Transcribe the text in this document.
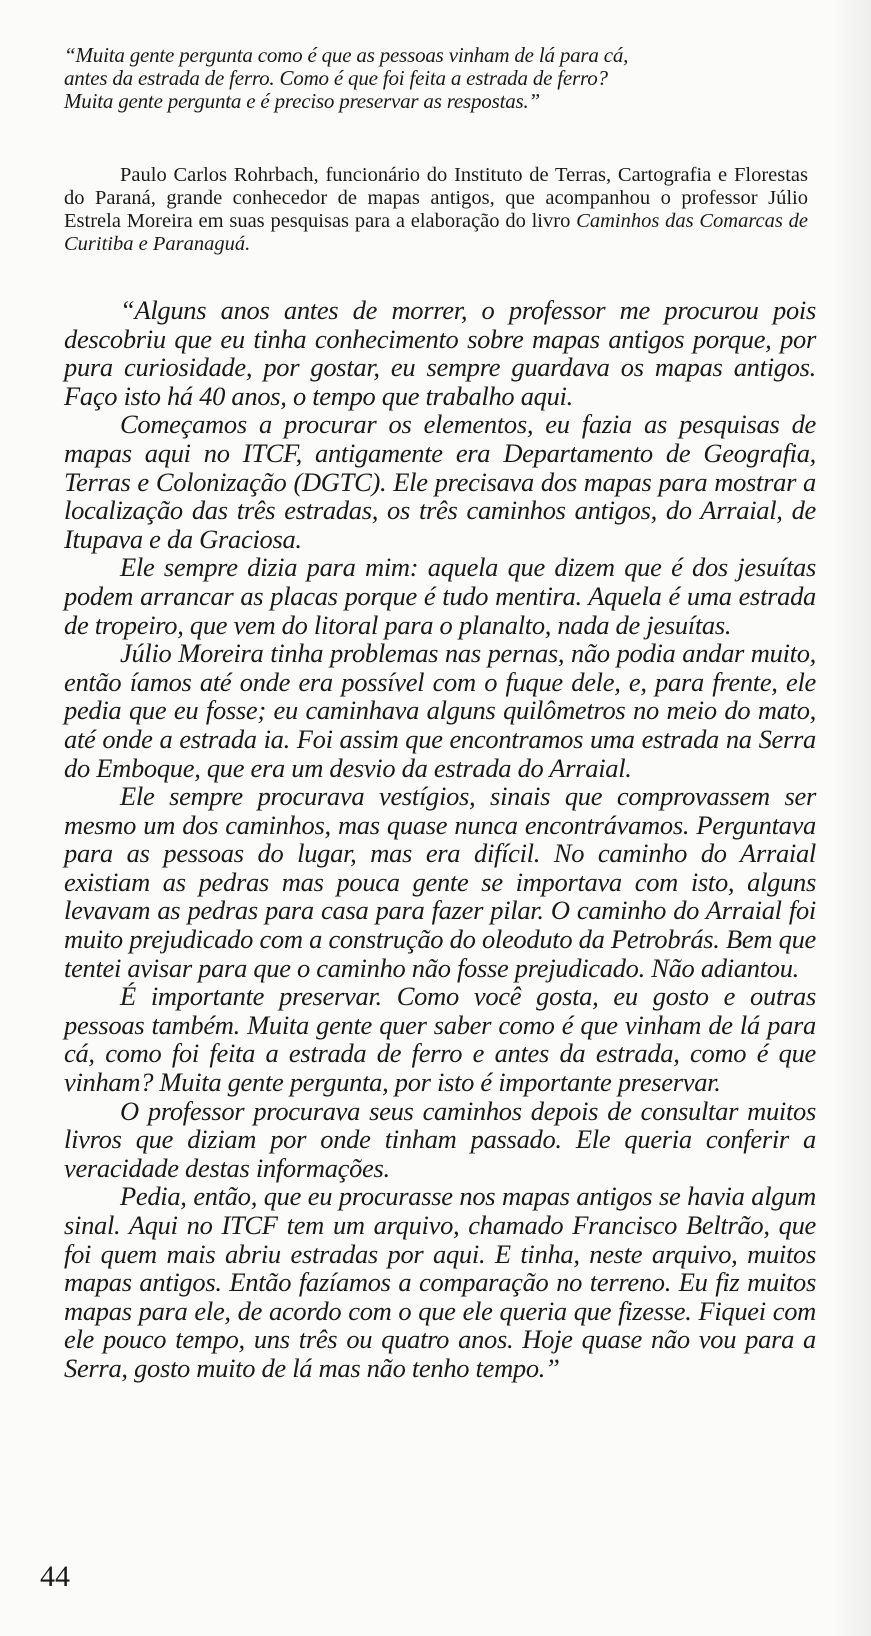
“Muita gente pergunta como é que as pessoas vinham de lá para cá, antes da estrada de ferro. Como é que foi feita a estrada de ferro? Muita gente pergunta e é preciso preservar as respostas.”

Paulo Carlos Rohrbach, funcionário do Instituto de Terras, Cartografia e Florestas do Paraná, grande conhecedor de mapas antigos, que acompanhou o professor Júlio Estrela Moreira em suas pesquisas para a elaboração do livro Caminhos das Comarcas de Curitiba e Paranaguá.

“Alguns anos antes de morrer, o professor me procurou pois descobriu que eu tinha conhecimento sobre mapas antigos porque, por pura curiosidade, por gostar, eu sempre guardava os mapas antigos. Faço isto há 40 anos, o tempo que trabalho aqui.

Começamos a procurar os elementos, eu fazia as pesquisas de mapas aqui no ITCF, antigamente era Departamento de Geografia, Terras e Colonização (DGTC). Ele precisava dos mapas para mostrar a localização das três estradas, os três caminhos antigos, do Arraial, de Itupava e da Graciosa.

Ele sempre dizia para mim: aquela que dizem que é dos jesuítas podem arrancar as placas porque é tudo mentira. Aquela é uma estrada de tropeiro, que vem do litoral para o planalto, nada de jesuítas.

Júlio Moreira tinha problemas nas pernas, não podia andar muito, então íamos até onde era possível com o fuque dele, e, para frente, ele pedia que eu fosse; eu caminhava alguns quilômetros no meio do mato, até onde a estrada ia. Foi assim que encontramos uma estrada na Serra do Emboque, que era um desvio da estrada do Arraial.

Ele sempre procurava vestígios, sinais que comprovassem ser mesmo um dos caminhos, mas quase nunca encontrávamos. Perguntava para as pessoas do lugar, mas era difícil. No caminho do Arraial existiam as pedras mas pouca gente se importava com isto, alguns levavam as pedras para casa para fazer pilar. O caminho do Arraial foi muito prejudicado com a construção do oleoduto da Petrobrás. Bem que tentei avisar para que o caminho não fosse prejudicado. Não adiantou.

É importante preservar. Como você gosta, eu gosto e outras pessoas também. Muita gente quer saber como é que vinham de lá para cá, como foi feita a estrada de ferro e antes da estrada, como é que vinham? Muita gente pergunta, por isto é importante preservar.

O professor procurava seus caminhos depois de consultar muitos livros que diziam por onde tinham passado. Ele queria conferir a veracidade destas informações.

Pedia, então, que eu procurasse nos mapas antigos se havia algum sinal. Aqui no ITCF tem um arquivo, chamado Francisco Beltrão, que foi quem mais abriu estradas por aqui. E tinha, neste arquivo, muitos mapas antigos. Então fazíamos a comparação no terreno. Eu fiz muitos mapas para ele, de acordo com o que ele queria que fizesse. Fiquei com ele pouco tempo, uns três ou quatro anos. Hoje quase não vou para a Serra, gosto muito de lá mas não tenho tempo.”

44
